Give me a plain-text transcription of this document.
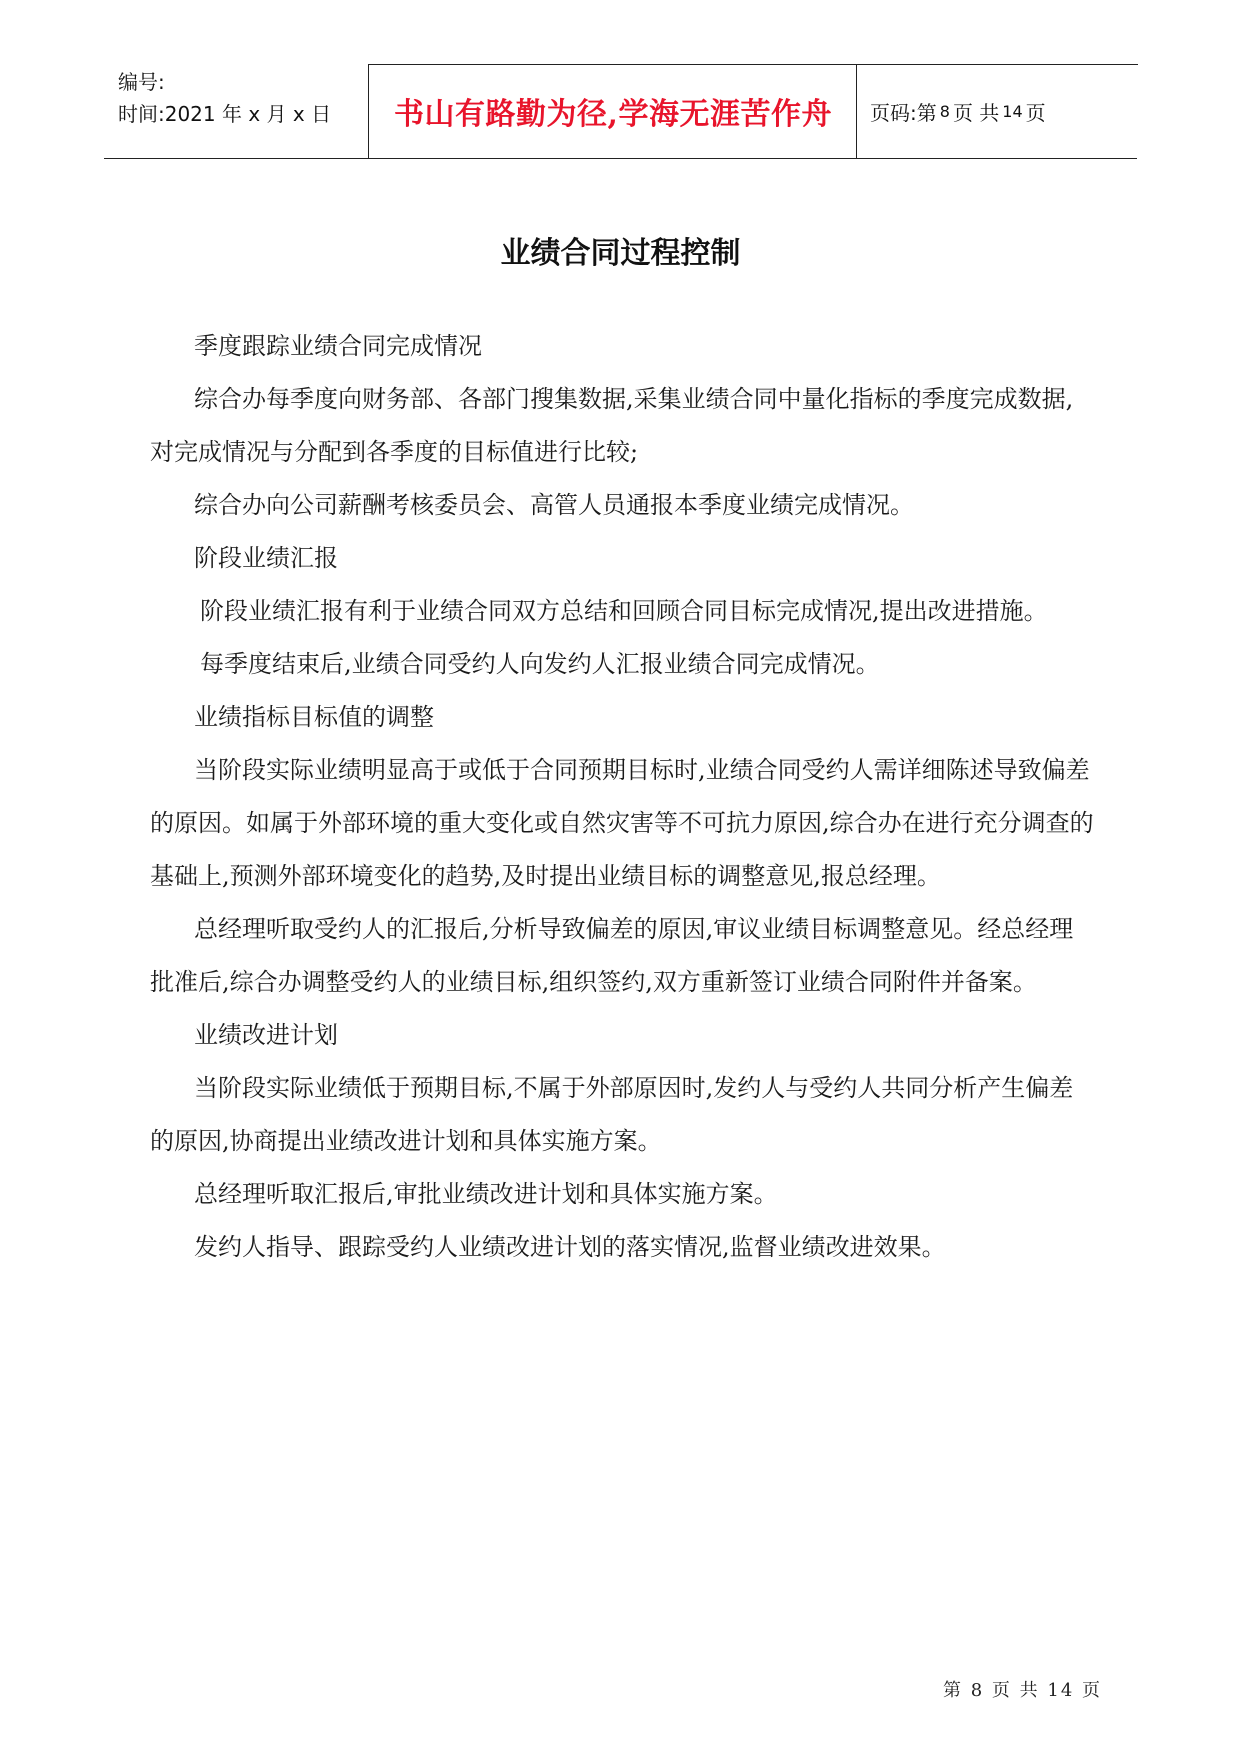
编号:
时间:2021 年 x 月 x 日	书山有路勤为径,学海无涯苦作舟	页码:第 8 页 共 14 页
业绩合同过程控制

季度跟踪业绩合同完成情况

综合办每季度向财务部、各部门搜集数据,采集业绩合同中量化指标的季度完成数据,对完成情况与分配到各季度的目标值进行比较;

综合办向公司薪酬考核委员会、高管人员通报本季度业绩完成情况。

阶段业绩汇报

阶段业绩汇报有利于业绩合同双方总结和回顾合同目标完成情况,提出改进措施。

每季度结束后,业绩合同受约人向发约人汇报业绩合同完成情况。

业绩指标目标值的调整

当阶段实际业绩明显高于或低于合同预期目标时,业绩合同受约人需详细陈述导致偏差的原因。如属于外部环境的重大变化或自然灾害等不可抗力原因,综合办在进行充分调查的基础上,预测外部环境变化的趋势,及时提出业绩目标的调整意见,报总经理。

总经理听取受约人的汇报后,分析导致偏差的原因,审议业绩目标调整意见。经总经理批准后,综合办调整受约人的业绩目标,组织签约,双方重新签订业绩合同附件并备案。

业绩改进计划

当阶段实际业绩低于预期目标,不属于外部原因时,发约人与受约人共同分析产生偏差的原因,协商提出业绩改进计划和具体实施方案。

总经理听取汇报后,审批业绩改进计划和具体实施方案。

发约人指导、跟踪受约人业绩改进计划的落实情况,监督业绩改进效果。

第 8 页 共 14 页
